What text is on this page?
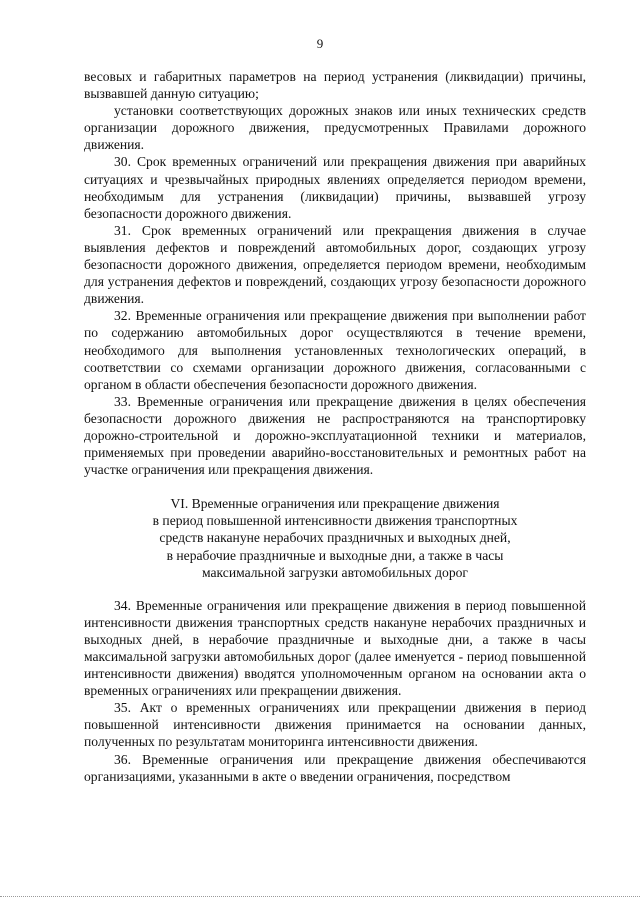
9

весовых и габаритных параметров на период устранения (ликвидации) причины, вызвавшей данную ситуацию;

установки соответствующих дорожных знаков или иных технических средств организации дорожного движения, предусмотренных Правилами дорожного движения.

30. Срок временных ограничений или прекращения движения при аварийных ситуациях и чрезвычайных природных явлениях определяется периодом времени, необходимым для устранения (ликвидации) причины, вызвавшей угрозу безопасности дорожного движения.

31. Срок временных ограничений или прекращения движения в случае выявления дефектов и повреждений автомобильных дорог, создающих угрозу безопасности дорожного движения, определяется периодом времени, необходимым для устранения дефектов и повреждений, создающих угрозу безопасности дорожного движения.

32. Временные ограничения или прекращение движения при выполнении работ по содержанию автомобильных дорог осуществляются в течение времени, необходимого для выполнения установленных технологических операций, в соответствии со схемами организации дорожного движения, согласованными с органом в области обеспечения безопасности дорожного движения.

33. Временные ограничения или прекращение движения в целях обеспечения безопасности дорожного движения не распространяются на транспортировку дорожно-строительной и дорожно-эксплуатационной техники и материалов, применяемых при проведении аварийно-восстановительных и ремонтных работ на участке ограничения или прекращения движения.

VI. Временные ограничения или прекращение движения
в период повышенной интенсивности движения транспортных
средств накануне нерабочих праздничных и выходных дней,
в нерабочие праздничные и выходные дни, а также в часы
максимальной загрузки автомобильных дорог

34. Временные ограничения или прекращение движения в период повышенной интенсивности движения транспортных средств накануне нерабочих праздничных и выходных дней, в нерабочие праздничные и выходные дни, а также в часы максимальной загрузки автомобильных дорог (далее именуется - период повышенной интенсивности движения) вводятся уполномоченным органом на основании акта о временных ограничениях или прекращении движения.

35. Акт о временных ограничениях или прекращении движения в период повышенной интенсивности движения принимается на основании данных, полученных по результатам мониторинга интенсивности движения.

36. Временные ограничения или прекращение движения обеспечиваются организациями, указанными в акте о введении ограничения, посредством
